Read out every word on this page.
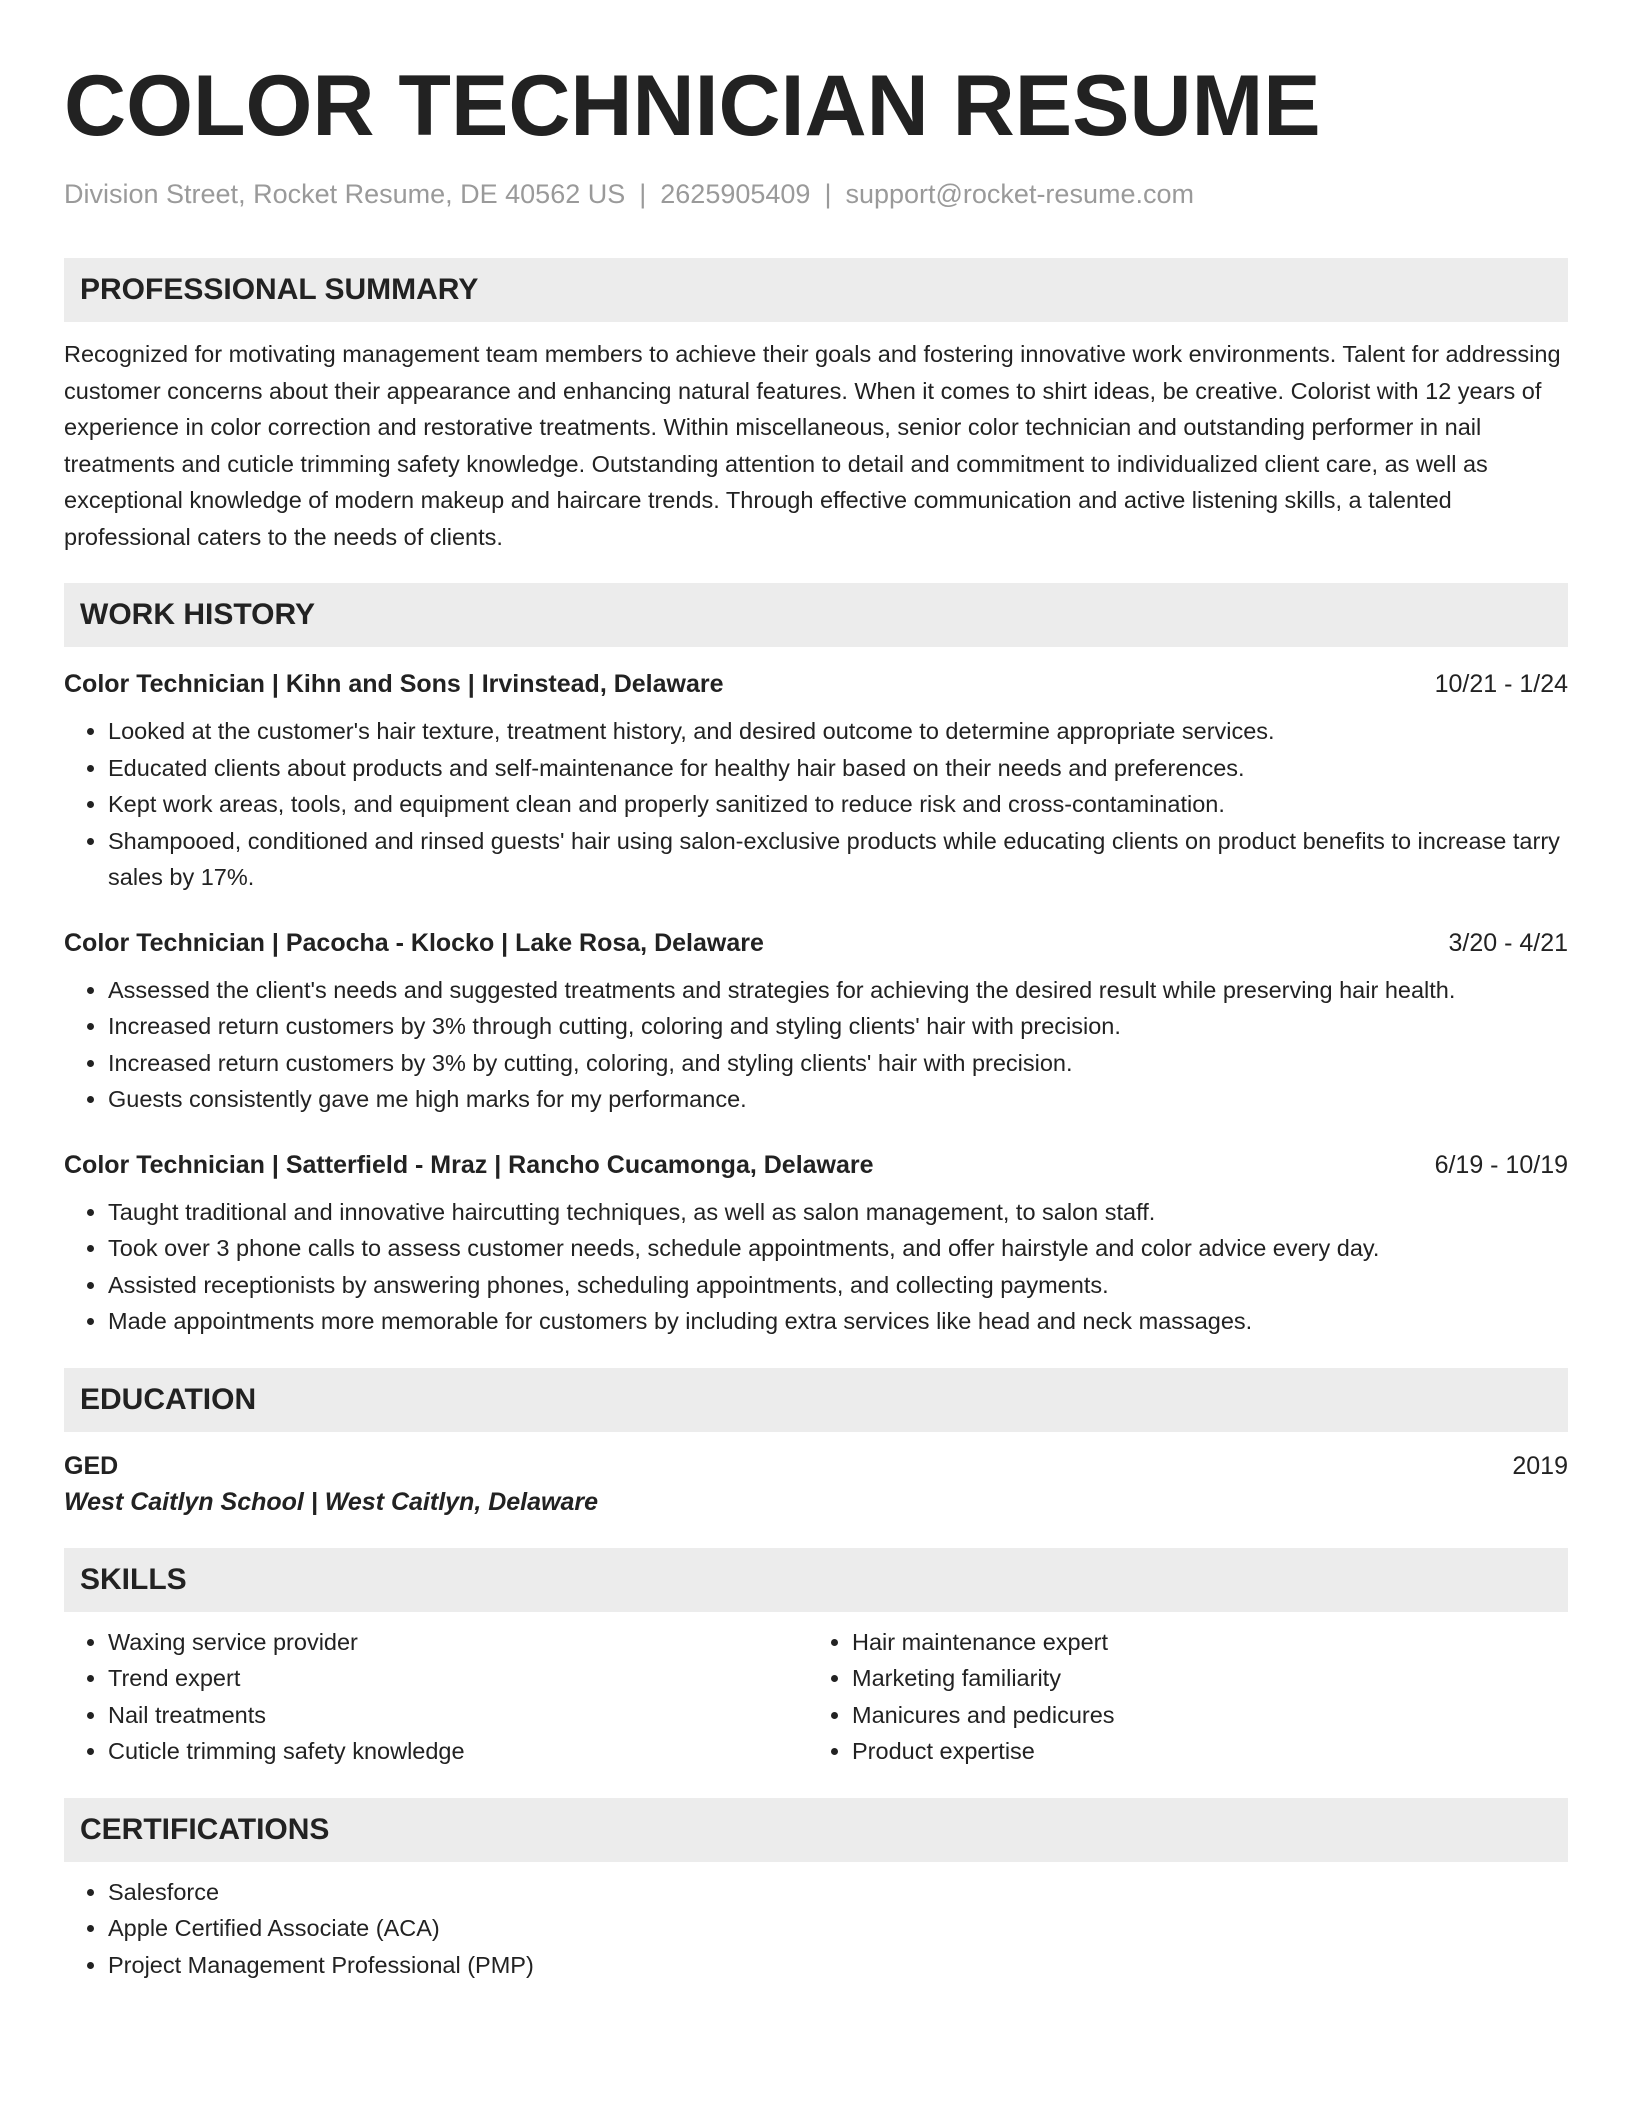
COLOR TECHNICIAN RESUME
Division Street, Rocket Resume, DE 40562 US | 2625905409 | support@rocket-resume.com
PROFESSIONAL SUMMARY
Recognized for motivating management team members to achieve their goals and fostering innovative work environments. Talent for addressing customer concerns about their appearance and enhancing natural features. When it comes to shirt ideas, be creative. Colorist with 12 years of experience in color correction and restorative treatments. Within miscellaneous, senior color technician and outstanding performer in nail treatments and cuticle trimming safety knowledge. Outstanding attention to detail and commitment to individualized client care, as well as exceptional knowledge of modern makeup and haircare trends. Through effective communication and active listening skills, a talented professional caters to the needs of clients.
WORK HISTORY
Color Technician | Kihn and Sons | Irvinstead, Delaware	10/21 - 1/24
• Looked at the customer's hair texture, treatment history, and desired outcome to determine appropriate services.
• Educated clients about products and self-maintenance for healthy hair based on their needs and preferences.
• Kept work areas, tools, and equipment clean and properly sanitized to reduce risk and cross-contamination.
• Shampooed, conditioned and rinsed guests' hair using salon-exclusive products while educating clients on product benefits to increase tarry sales by 17%.
Color Technician | Pacocha - Klocko | Lake Rosa, Delaware	3/20 - 4/21
• Assessed the client's needs and suggested treatments and strategies for achieving the desired result while preserving hair health.
• Increased return customers by 3% through cutting, coloring and styling clients' hair with precision.
• Increased return customers by 3% by cutting, coloring, and styling clients' hair with precision.
• Guests consistently gave me high marks for my performance.
Color Technician | Satterfield - Mraz | Rancho Cucamonga, Delaware	6/19 - 10/19
• Taught traditional and innovative haircutting techniques, as well as salon management, to salon staff.
• Took over 3 phone calls to assess customer needs, schedule appointments, and offer hairstyle and color advice every day.
• Assisted receptionists by answering phones, scheduling appointments, and collecting payments.
• Made appointments more memorable for customers by including extra services like head and neck massages.
EDUCATION
GED	2019
West Caitlyn School | West Caitlyn, Delaware
SKILLS
• Waxing service provider
• Trend expert
• Nail treatments
• Cuticle trimming safety knowledge
• Hair maintenance expert
• Marketing familiarity
• Manicures and pedicures
• Product expertise
CERTIFICATIONS
• Salesforce
• Apple Certified Associate (ACA)
• Project Management Professional (PMP)
